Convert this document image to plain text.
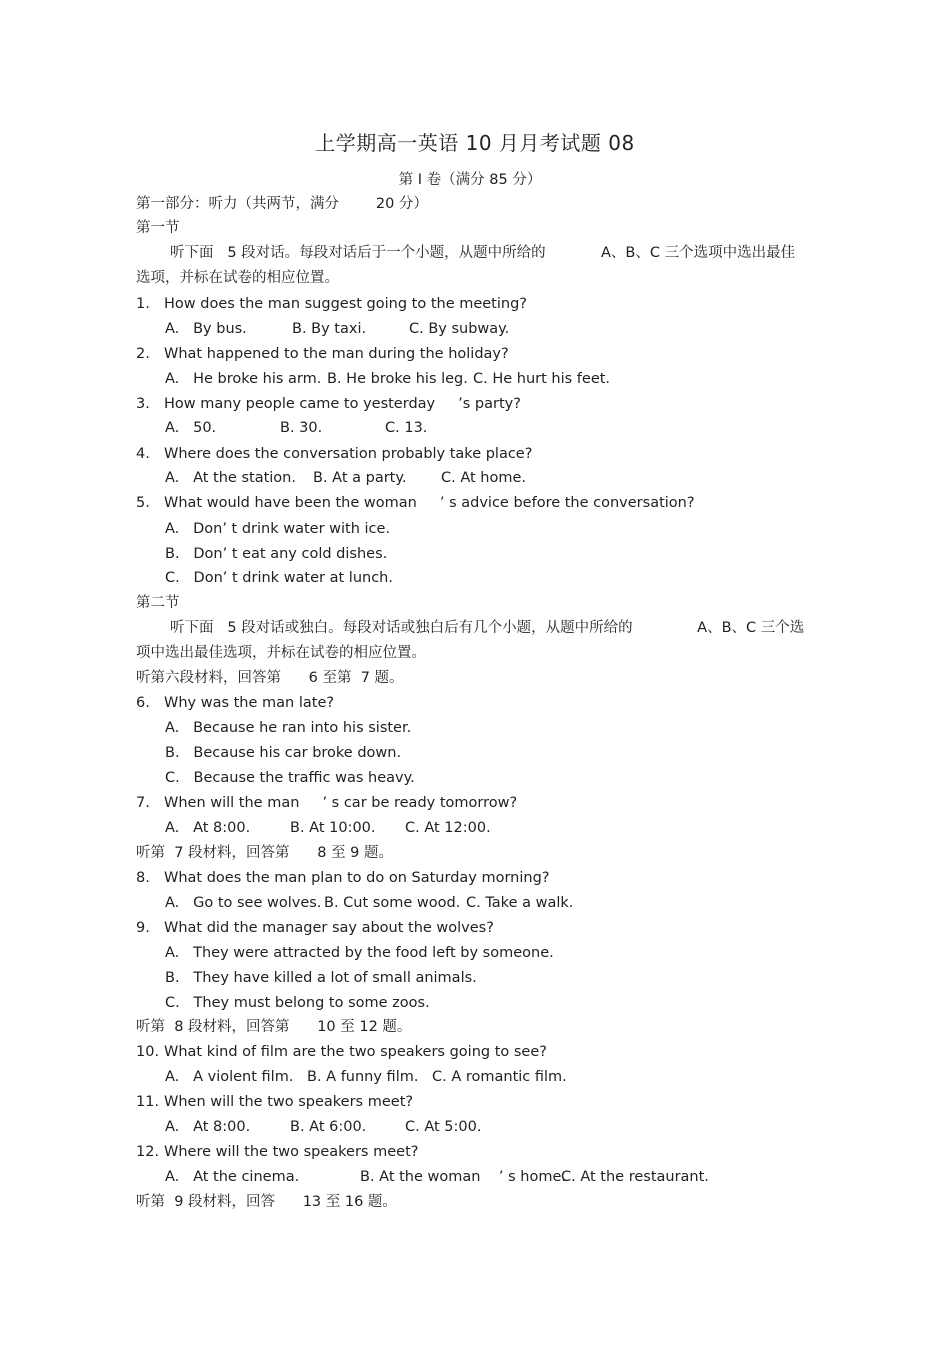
上学期高一英语 10 月月考试题 08
第 I 卷（满分 85 分）
第一部分：听力（共两节，满分        20 分）
第一节
听下面   5 段对话。每段对话后于一个小题，从题中所给的            A、B、C 三个选项中选出最佳
选项，并标在试卷的相应位置。
1. How does the man suggest going to the meeting?
A.   By bus.	B. By taxi.	C. By subway.
2. What happened to the man during the holiday?
A.   He broke his arm. B. He broke his leg. C. He hurt his feet.
3. How many people came to yesterday     ’s party?
A.   50.	B. 30.	C. 13.
4. Where does the conversation probably take place?
A.   At the station. B. At a party. C. At home.
5. What would have been the woman     ’ s advice before the conversation?
A.   Don’ t drink water with ice.
B.   Don’ t eat any cold dishes.
C.   Don’ t drink water at lunch.
第二节
听下面   5 段对话或独白。每段对话或独白后有几个小题，从题中所给的              A、B、C 三个选
项中选出最佳选项，并标在试卷的相应位置。
听第六段材料，回答第      6 至第  7 题。
6. Why was the man late?
A.   Because he ran into his sister.
B.   Because his car broke down.
C.   Because the traffic was heavy.
7. When will the man     ’ s car be ready tomorrow?
A.   At 8:00.	B. At 10:00. C. At 12:00.
听第  7 段材料，回答第      8 至 9 题。
8. What does the man plan to do on Saturday morning?
A.   Go to see wolves. B. Cut some wood. C. Take a walk.
9. What did the manager say about the wolves?
A.   They were attracted by the food left by someone.
B.   They have killed a lot of small animals.
C.   They must belong to some zoos.
听第  8 段材料，回答第      10 至 12 题。
10. What kind of film are the two speakers going to see?
A.   A violent film. B. A funny film. C. A romantic film.
11. When will the two speakers meet?
A.   At 8:00.	B. At 6:00.	C. At 5:00.
12. Where will the two speakers meet?
A.   At the cinema.	B. At the woman    ’ s home.
C. At the restaurant.
听第  9 段材料，回答      13 至 16 题。
